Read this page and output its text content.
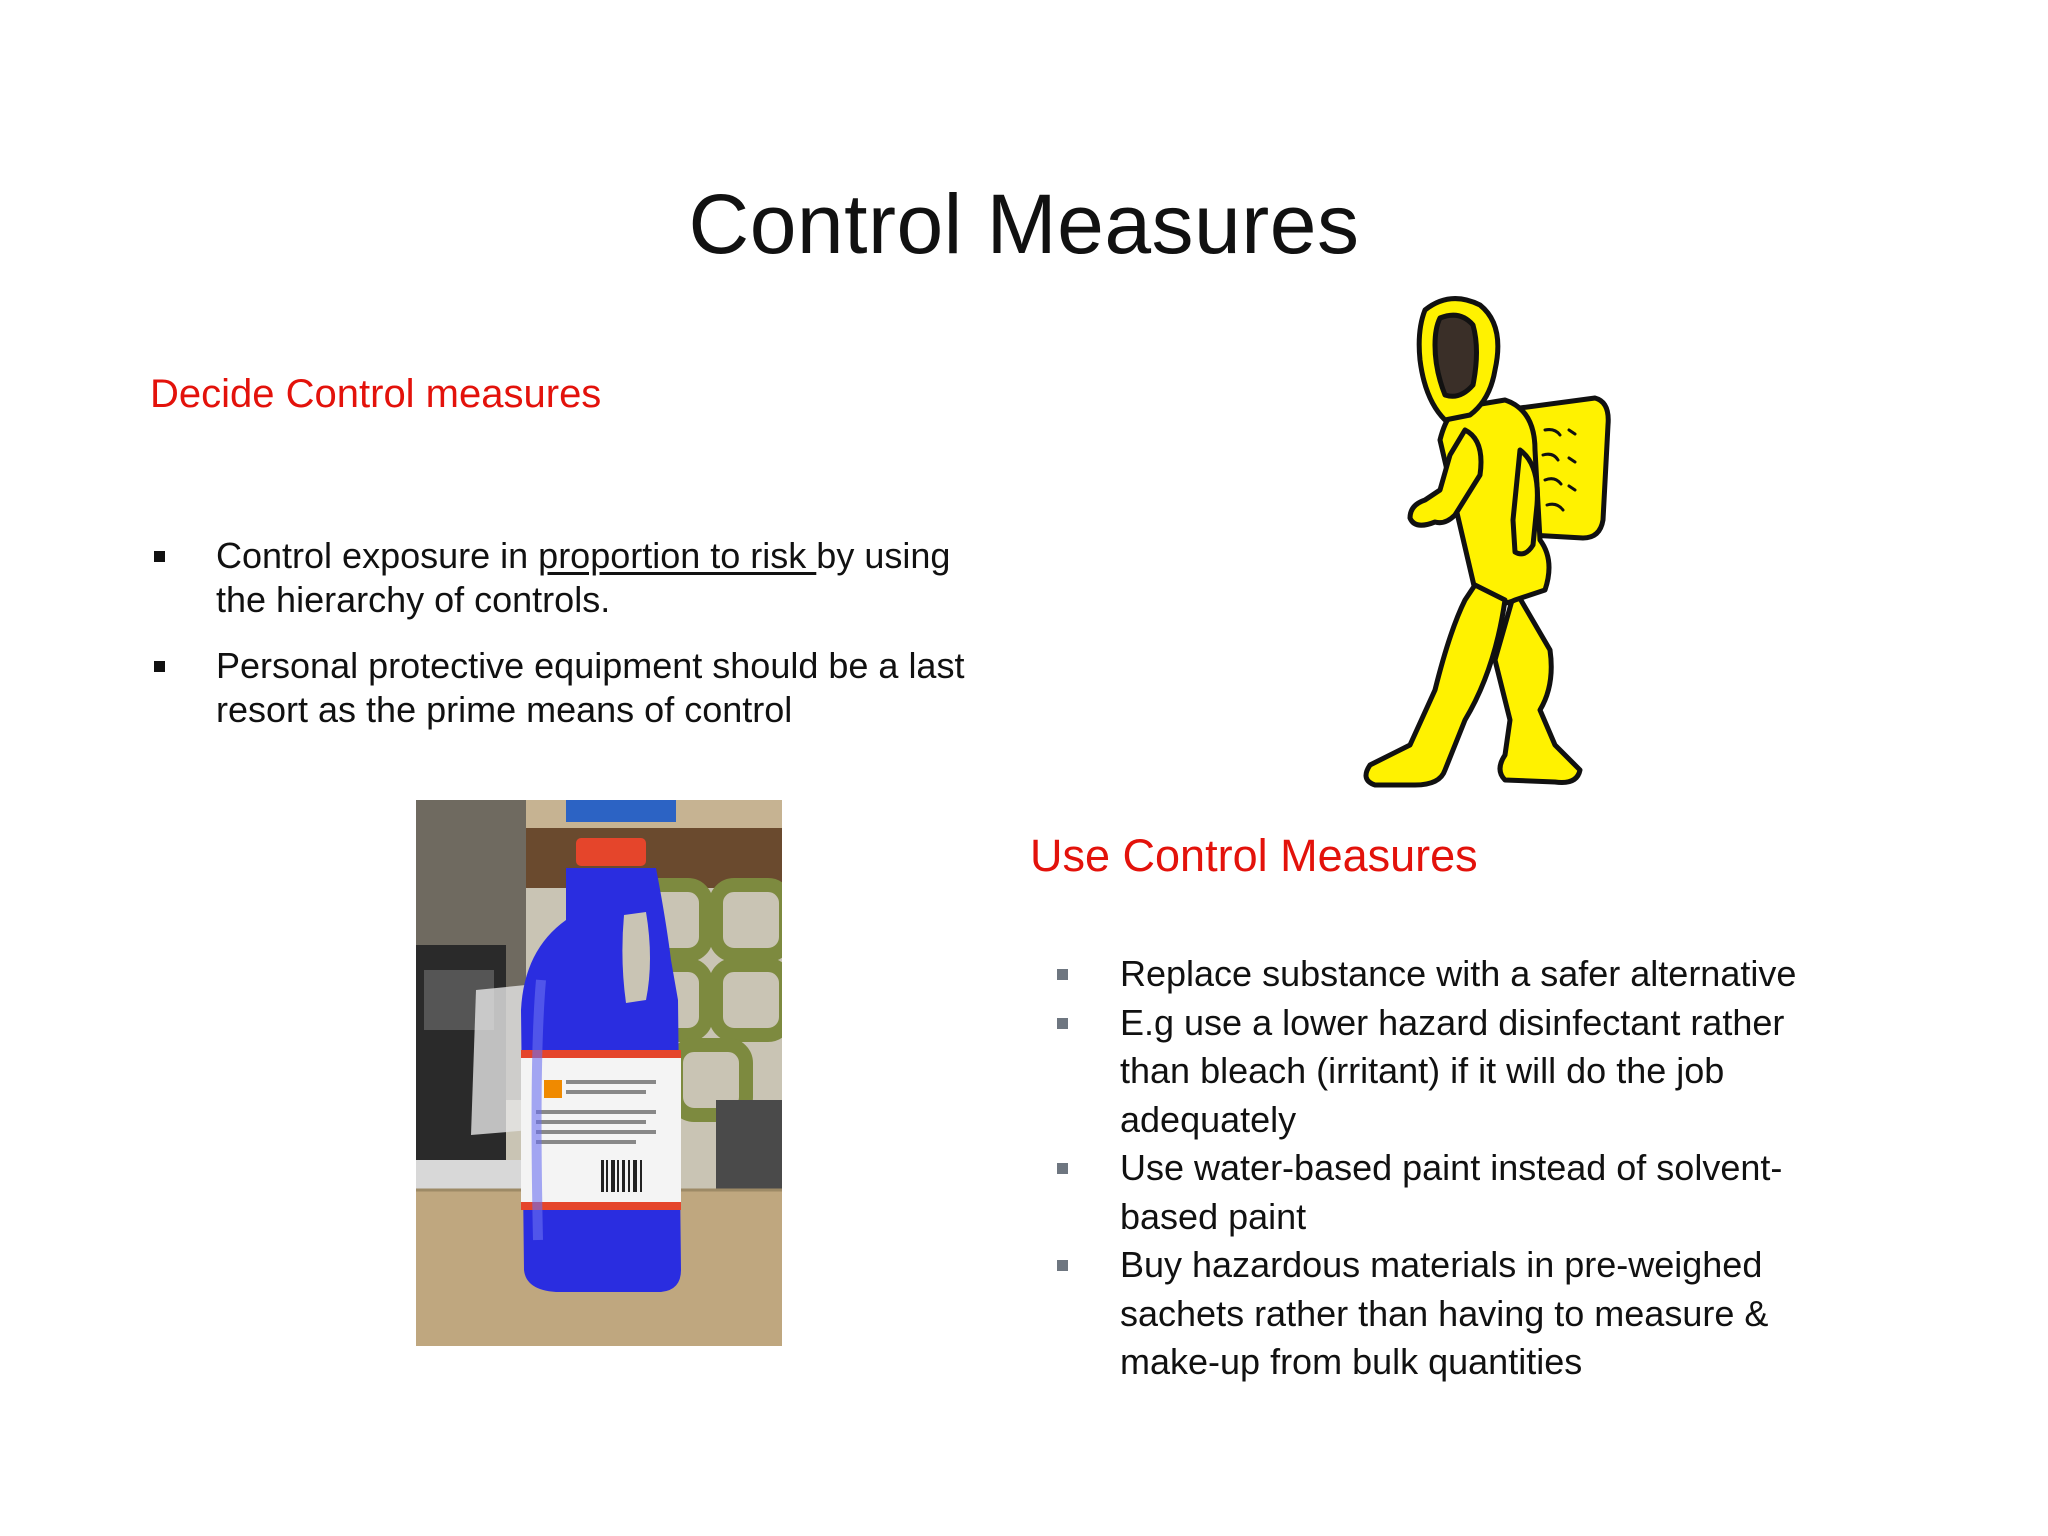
Control Measures
Decide Control measures
Control exposure in proportion to risk by using the hierarchy of controls.
Personal protective equipment should be a last resort as the prime means of control
Use Control Measures
Replace substance with a safer alternative
E.g use a lower hazard disinfectant rather than bleach (irritant) if it will do the job adequately
Use water-based paint instead of solvent-based paint
Buy hazardous materials in pre-weighed sachets rather than having to measure & make-up from bulk quantities
